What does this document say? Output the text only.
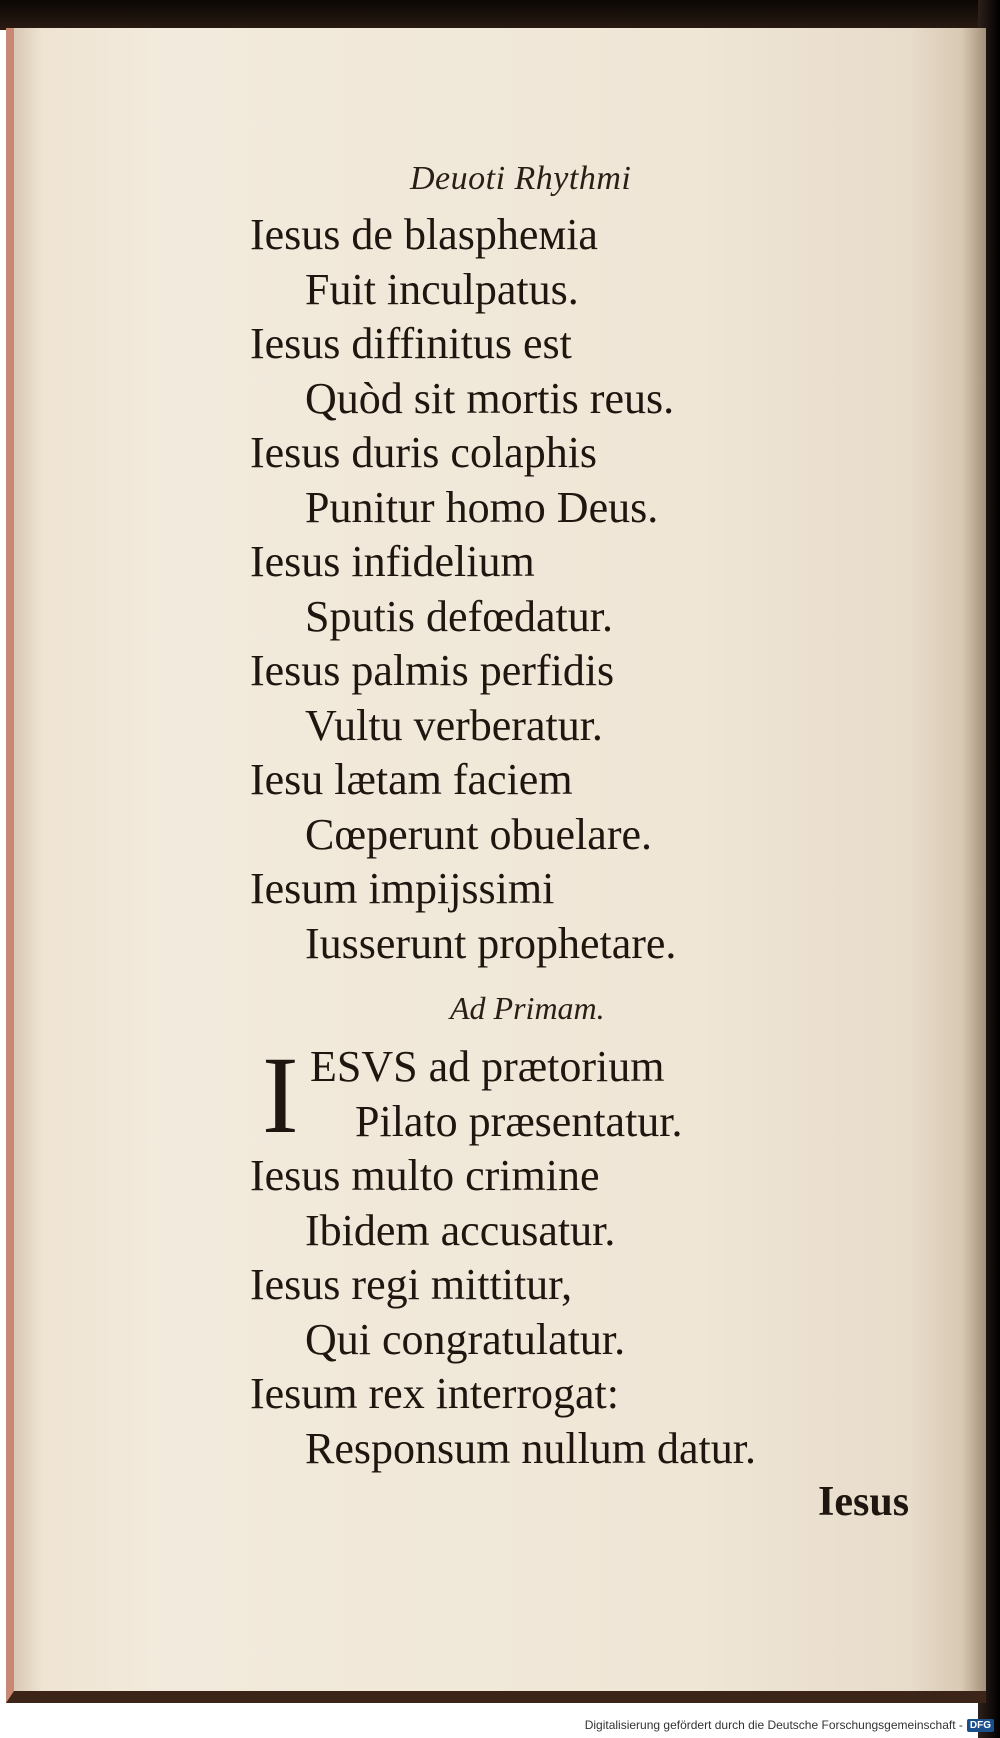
Deuoti Rhythmi
Iesus de blaspheмia
Fuit inculpatus.
Iesus diffinitus est
Quòd sit mortis reus.
Iesus duris colaphis
Punitur homo Deus.
Iesus infidelium
Sputis defœdatur.
Iesus palmis perfidis
Vultu verberatur.
Iesu lætam faciem
Cœperunt obuelare.
Iesum impijssimi
Iusserunt prophetare.
Ad Primam.
I ESVS ad prætorium
Pilato præsentatur.
Iesus multo crimine
Ibidem accusatur.
Iesus regi mittitur,
Qui congratulatur.
Iesum rex interrogat:
Responsum nullum datur.
Iesus
Digitalisierung gefördert durch die Deutsche Forschungsgemeinschaft - DFG
